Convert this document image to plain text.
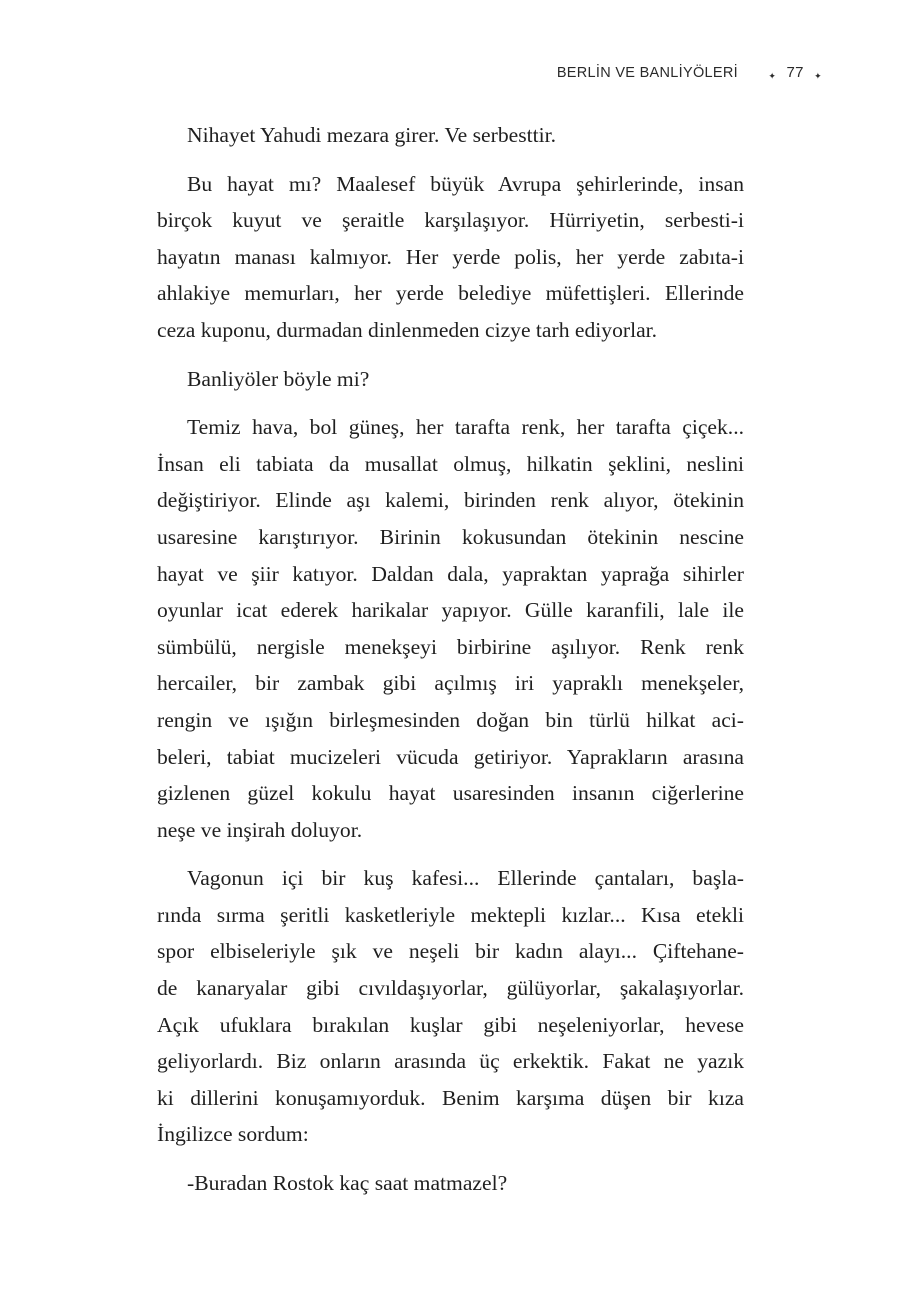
BERLİN VE BANLİYÖLERİ	✦ 77 ✦

Nihayet Yahudi mezara girer. Ve serbesttir.

Bu hayat mı? Maalesef büyük Avrupa şehirlerinde, insan
birçok kuyut ve şeraitle karşılaşıyor. Hürriyetin, serbesti-i
hayatın manası kalmıyor. Her yerde polis, her yerde zabıta-i
ahlakiye memurları, her yerde belediye müfettişleri. Ellerinde
ceza kuponu, durmadan dinlenmeden cizye tarh ediyorlar.

Banliyöler böyle mi?

Temiz hava, bol güneş, her tarafta renk, her tarafta çiçek...
İnsan eli tabiata da musallat olmuş, hilkatin şeklini, neslini
değiştiriyor. Elinde aşı kalemi, birinden renk alıyor, ötekinin
usaresine karıştırıyor. Birinin kokusundan ötekinin nescine
hayat ve şiir katıyor. Daldan dala, yapraktan yaprağa sihirler
oyunlar icat ederek harikalar yapıyor. Gülle karanfili, lale ile
sümbülü, nergisle menekşeyi birbirine aşılıyor. Renk renk
hercailer, bir zambak gibi açılmış iri yapraklı menekşeler,
rengin ve ışığın birleşmesinden doğan bin türlü hilkat aci-
beleri, tabiat mucizeleri vücuda getiriyor. Yaprakların arasına
gizlenen güzel kokulu hayat usaresinden insanın ciğerlerine
neşe ve inşirah doluyor.

Vagonun içi bir kuş kafesi... Ellerinde çantaları, başla-
rında sırma şeritli kasketleriyle mektepli kızlar... Kısa etekli
spor elbiseleriyle şık ve neşeli bir kadın alayı... Çiftehane-
de kanaryalar gibi cıvıldaşıyorlar, gülüyorlar, şakalaşıyorlar.
Açık ufuklara bırakılan kuşlar gibi neşeleniyorlar, hevese
geliyorlardı. Biz onların arasında üç erkektik. Fakat ne yazık
ki dillerini konuşamıyorduk. Benim karşıma düşen bir kıza
İngilizce sordum:

-Buradan Rostok kaç saat matmazel?
